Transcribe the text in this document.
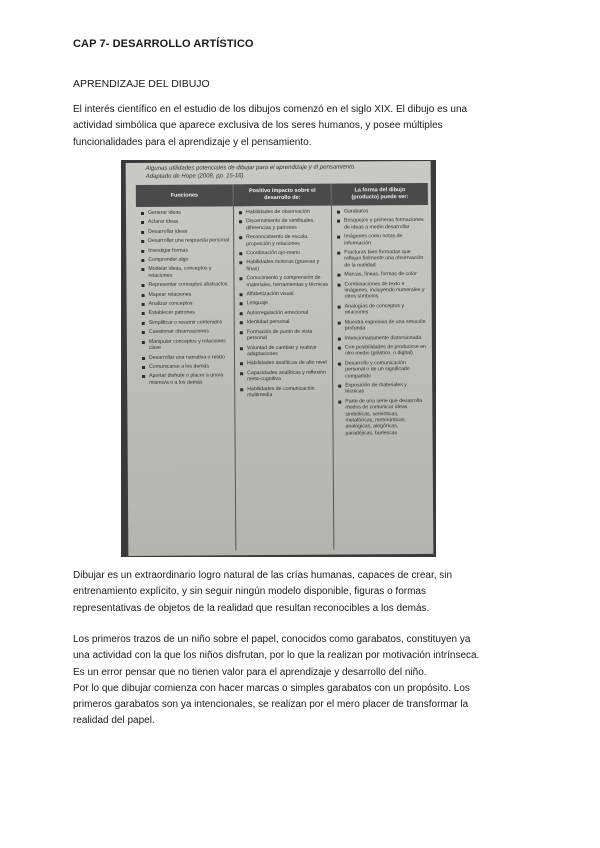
CAP 7- DESARROLLO ARTÍSTICO
APRENDIZAJE DEL DIBUJO
El interés científico en el estudio de los dibujos comenzó en el siglo XIX. El dibujo es una
actividad simbólica que aparece exclusiva de los seres humanos, y posee múltiples
funcionalidades para el aprendizaje y el pensamiento.
Algunas utilidades potenciales de dibujar para el aprendizaje y el pensamiento.
Adaptado de Hope (2008, pp. 15-16).
Funciones
Positivo impacto sobre el
desarrollo de:
La forma del dibujo
(producto) puede ser:
Generar ideas
Aclarar ideas
Desarrollar ideas
Desarrollar una respuesta personal
Investigar formas
Comprender algo
Modelar ideas, conceptos y relaciones
Representar conceptos abstractos
Mapear relaciones
Analizar conceptos
Establecer patrones
Simplificar o resumir contenidos
Cuestionar observaciones
Manipular conceptos y relaciones clave
Desarrollar una narrativa o relato
Comunicarse a los demás
Aportar disfrute o placer a uno/a mismo/a o a los demás
Habilidades de observación
Discernimiento de similitudes, diferencias y patrones
Reconocimiento de escala, proporción y relaciones
Coordinación ojo-mano
Habilidades motoras (gruesas y finas)
Conocimiento y comprensión de materiales, herramientas y técnicas
Alfabetización visual
Lenguaje
Autorregulación emocional
Identidad personal
Formación de punto de vista personal
Voluntad de cambiar y realizar adaptaciones
Habilidades analíticas de alto nivel
Capacidades analíticas y reflexión meta-cognitiva
Habilidades de comunicación multimedia
Garabatos
Bosquejos y primeras formaciones de ideas a medio desarrollar
Imágenes como notas de información
Fracturas bien formadas que reflejan fielmente una observación de la realidad
Marcas, líneas, formas de color
Combinaciones de texto e imágenes, incluyendo numerales y otros símbolos
Analogías de conceptos y relaciones
Muestra expresiva de una emoción profunda
Intencionadamente distorsionada
Con posibilidades de producirse en otro medio (plástico, o digital)
Desarrollo y comunicación personal o de un significado compartido
Exposición de materiales y técnicas
Parte de una serie que desarrolla modos de comunicar ideas simbólicas, semióticas, metafóricas, metonímicas, analógicas, alegóricas, paradójicas, burlescas
Dibujar es un extraordinario logro natural de las crías humanas, capaces de crear, sin
entrenamiento explícito, y sin seguir ningún modelo disponible, figuras o formas
representativas de objetos de la realidad que resultan reconocibles a los demás.
Los primeros trazos de un niño sobre el papel, conocidos como garabatos, constituyen ya
una actividad con la que los niños disfrutan, por lo que la realizan por motivación intrínseca.
Es un error pensar que no tienen valor para el aprendizaje y desarrollo del niño.
Por lo que dibujar comienza con hacer marcas o simples garabatos con un propósito. Los
primeros garabatos son ya intencionales, se realizan por el mero placer de transformar la
realidad del papel.
